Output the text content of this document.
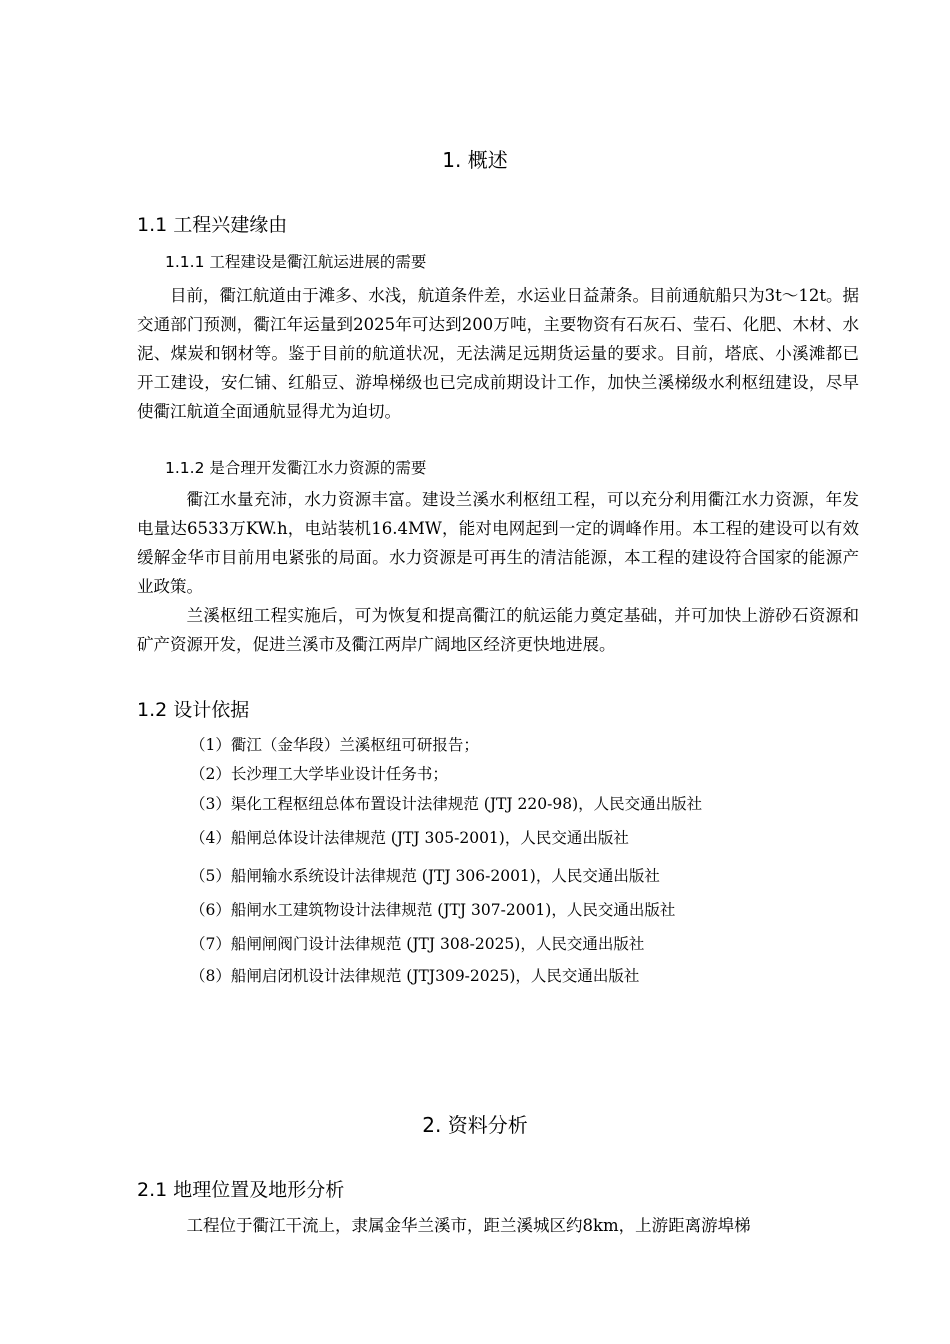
1. 概述
1.1 工程兴建缘由
1.1.1 工程建设是衢江航运进展的需要

目前，衢江航道由于滩多、水浅，航道条件差，水运业日益萧条。目前通航船只为3t～12t。据交通部门预测，衢江年运量到2025年可达到200万吨，主要物资有石灰石、莹石、化肥、木材、水泥、煤炭和钢材等。鉴于目前的航道状况，无法满足远期货运量的要求。目前，塔底、小溪滩都已开工建设，安仁铺、红船豆、游埠梯级也已完成前期设计工作，加快兰溪梯级水利枢纽建设，尽早使衢江航道全面通航显得尤为迫切。

1.1.2 是合理开发衢江水力资源的需要

衢江水量充沛，水力资源丰富。建设兰溪水利枢纽工程，可以充分利用衢江水力资源，年发电量达6533万KW.h，电站装机16.4MW，能对电网起到一定的调峰作用。本工程的建设可以有效缓解金华市目前用电紧张的局面。水力资源是可再生的清洁能源，本工程的建设符合国家的能源产业政策。

兰溪枢纽工程实施后，可为恢复和提高衢江的航运能力奠定基础，并可加快上游砂石资源和矿产资源开发，促进兰溪市及衢江两岸广阔地区经济更快地进展。

1.2 设计依据
（1）衢江（金华段）兰溪枢纽可研报告；
（2）长沙理工大学毕业设计任务书；
（3）渠化工程枢纽总体布置设计法律规范 (JTJ 220-98)，人民交通出版社
（4）船闸总体设计法律规范 (JTJ 305-2001)，人民交通出版社
（5）船闸输水系统设计法律规范 (JTJ 306-2001)，人民交通出版社
（6）船闸水工建筑物设计法律规范 (JTJ 307-2001)，人民交通出版社
（7）船闸闸阀门设计法律规范 (JTJ 308-2025)，人民交通出版社
（8）船闸启闭机设计法律规范 (JTJ309-2025)，人民交通出版社
2. 资料分析
2.1 地理位置及地形分析

工程位于衢江干流上，隶属金华兰溪市，距兰溪城区约8km，上游距离游埠梯
